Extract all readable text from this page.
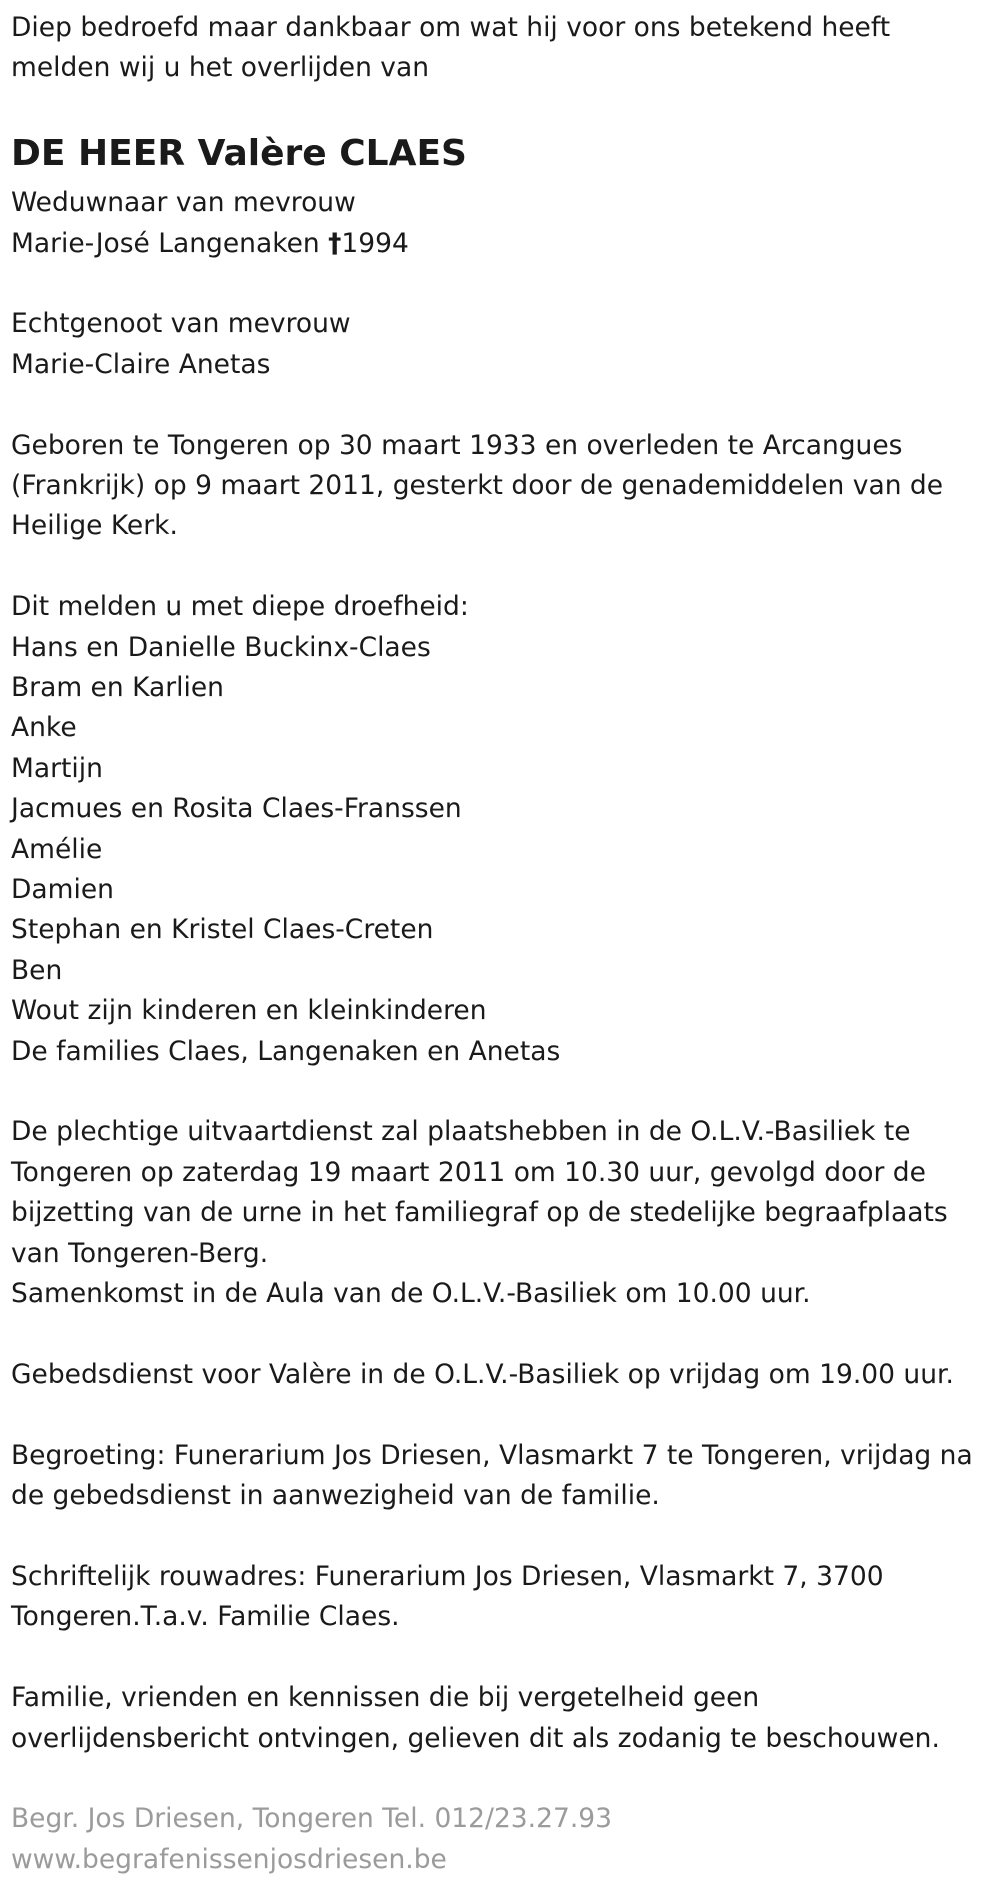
Diep bedroefd maar dankbaar om wat hij voor ons betekend heeft
melden wij u het overlijden van
DE HEER Valère CLAES
Weduwnaar van mevrouw
Marie-José Langenaken †1994
Echtgenoot van mevrouw
Marie-Claire Anetas
Geboren te Tongeren op 30 maart 1933 en overleden te Arcangues
(Frankrijk) op 9 maart 2011, gesterkt door de genademiddelen van de
Heilige Kerk.
Dit melden u met diepe droefheid:
Hans en Danielle Buckinx-Claes
Bram en Karlien
Anke
Martijn
Jacmues en Rosita Claes-Franssen
Amélie
Damien
Stephan en Kristel Claes-Creten
Ben
Wout zijn kinderen en kleinkinderen
De families Claes, Langenaken en Anetas
De plechtige uitvaartdienst zal plaatshebben in de O.L.V.-Basiliek te
Tongeren op zaterdag 19 maart 2011 om 10.30 uur, gevolgd door de
bijzetting van de urne in het familiegraf op de stedelijke begraafplaats
van Tongeren-Berg.
Samenkomst in de Aula van de O.L.V.-Basiliek om 10.00 uur.
Gebedsdienst voor Valère in de O.L.V.-Basiliek op vrijdag om 19.00 uur.
Begroeting: Funerarium Jos Driesen, Vlasmarkt 7 te Tongeren, vrijdag na
de gebedsdienst in aanwezigheid van de familie.
Schriftelijk rouwadres: Funerarium Jos Driesen, Vlasmarkt 7, 3700
Tongeren.T.a.v. Familie Claes.
Familie, vrienden en kennissen die bij vergetelheid geen
overlijdensbericht ontvingen, gelieven dit als zodanig te beschouwen.
Begr. Jos Driesen, Tongeren Tel. 012/23.27.93
www.begrafenissenjosdriesen.be
